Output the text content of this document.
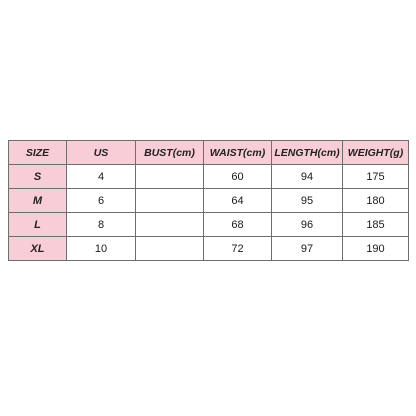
SIZE	US	BUST(cm)	WAIST(cm)	LENGTH(cm)	WEIGHT(g)
S	4		60	94	175
M	6		64	95	180
L	8		68	96	185
XL	10		72	97	190
